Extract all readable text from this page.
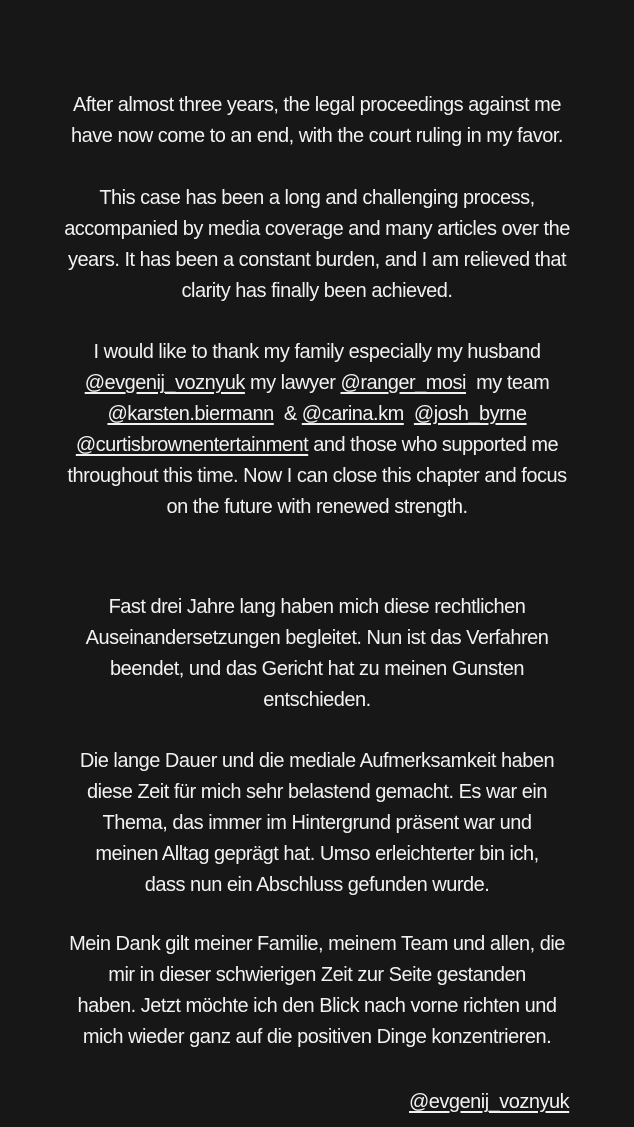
After almost three years, the legal proceedings against me
have now come to an end, with the court ruling in my favor.

This case has been a long and challenging process,
accompanied by media coverage and many articles over the
years. It has been a constant burden, and I am relieved that
clarity has finally been achieved.

I would like to thank my family especially my husband
@evgenij_voznyuk my lawyer @ranger_mosi  my team
@karsten.biermann  & @carina.km @josh_byrne
@curtisbrownentertainment and those who supported me
throughout this time. Now I can close this chapter and focus
on the future with renewed strength.

Fast drei Jahre lang haben mich diese rechtlichen
Auseinandersetzungen begleitet. Nun ist das Verfahren
beendet, und das Gericht hat zu meinen Gunsten
entschieden.

Die lange Dauer und die mediale Aufmerksamkeit haben
diese Zeit für mich sehr belastend gemacht. Es war ein
Thema, das immer im Hintergrund präsent war und
meinen Alltag geprägt hat. Umso erleichterter bin ich,
dass nun ein Abschluss gefunden wurde.

Mein Dank gilt meiner Familie, meinem Team und allen, die
mir in dieser schwierigen Zeit zur Seite gestanden
haben. Jetzt möchte ich den Blick nach vorne richten und
mich wieder ganz auf die positiven Dinge konzentrieren.

@evgenij_voznyuk
